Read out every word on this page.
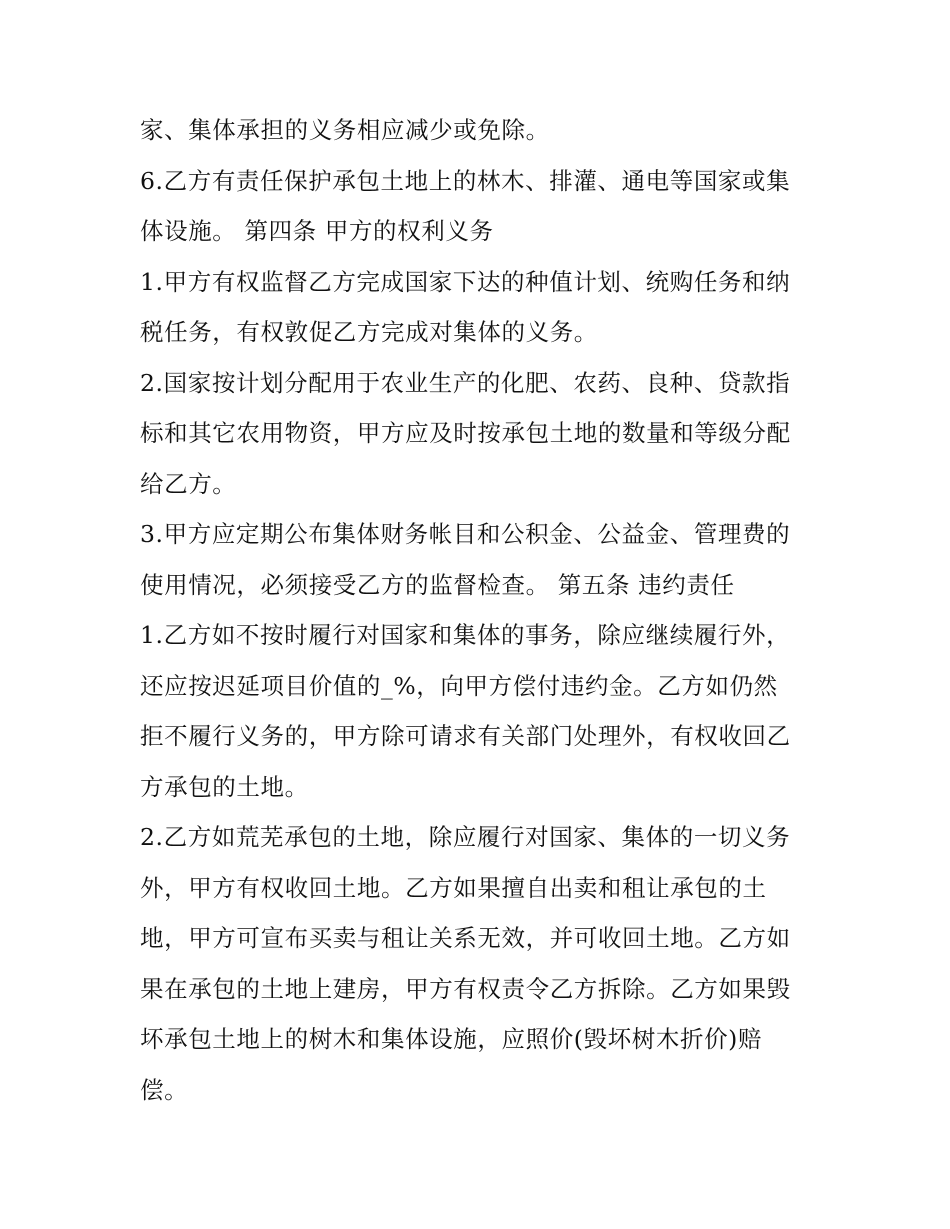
家、集体承担的义务相应减少或免除。
6.乙方有责任保护承包土地上的林木、排灌、通电等国家或集
体设施。 第四条 甲方的权利义务
1.甲方有权监督乙方完成国家下达的种值计划、统购任务和纳
税任务，有权敦促乙方完成对集体的义务。
2.国家按计划分配用于农业生产的化肥、农药、良种、贷款指
标和其它农用物资，甲方应及时按承包土地的数量和等级分配
给乙方。
3.甲方应定期公布集体财务帐目和公积金、公益金、管理费的
使用情况，必须接受乙方的监督检查。 第五条 违约责任
1.乙方如不按时履行对国家和集体的事务，除应继续履行外，
还应按迟延项目价值的_%，向甲方偿付违约金。乙方如仍然
拒不履行义务的，甲方除可请求有关部门处理外，有权收回乙
方承包的土地。
2.乙方如荒芜承包的土地，除应履行对国家、集体的一切义务
外，甲方有权收回土地。乙方如果擅自出卖和租让承包的土
地，甲方可宣布买卖与租让关系无效，并可收回土地。乙方如
果在承包的土地上建房，甲方有权责令乙方拆除。乙方如果毁
坏承包土地上的树木和集体设施，应照价(毁坏树木折价)赔
偿。
